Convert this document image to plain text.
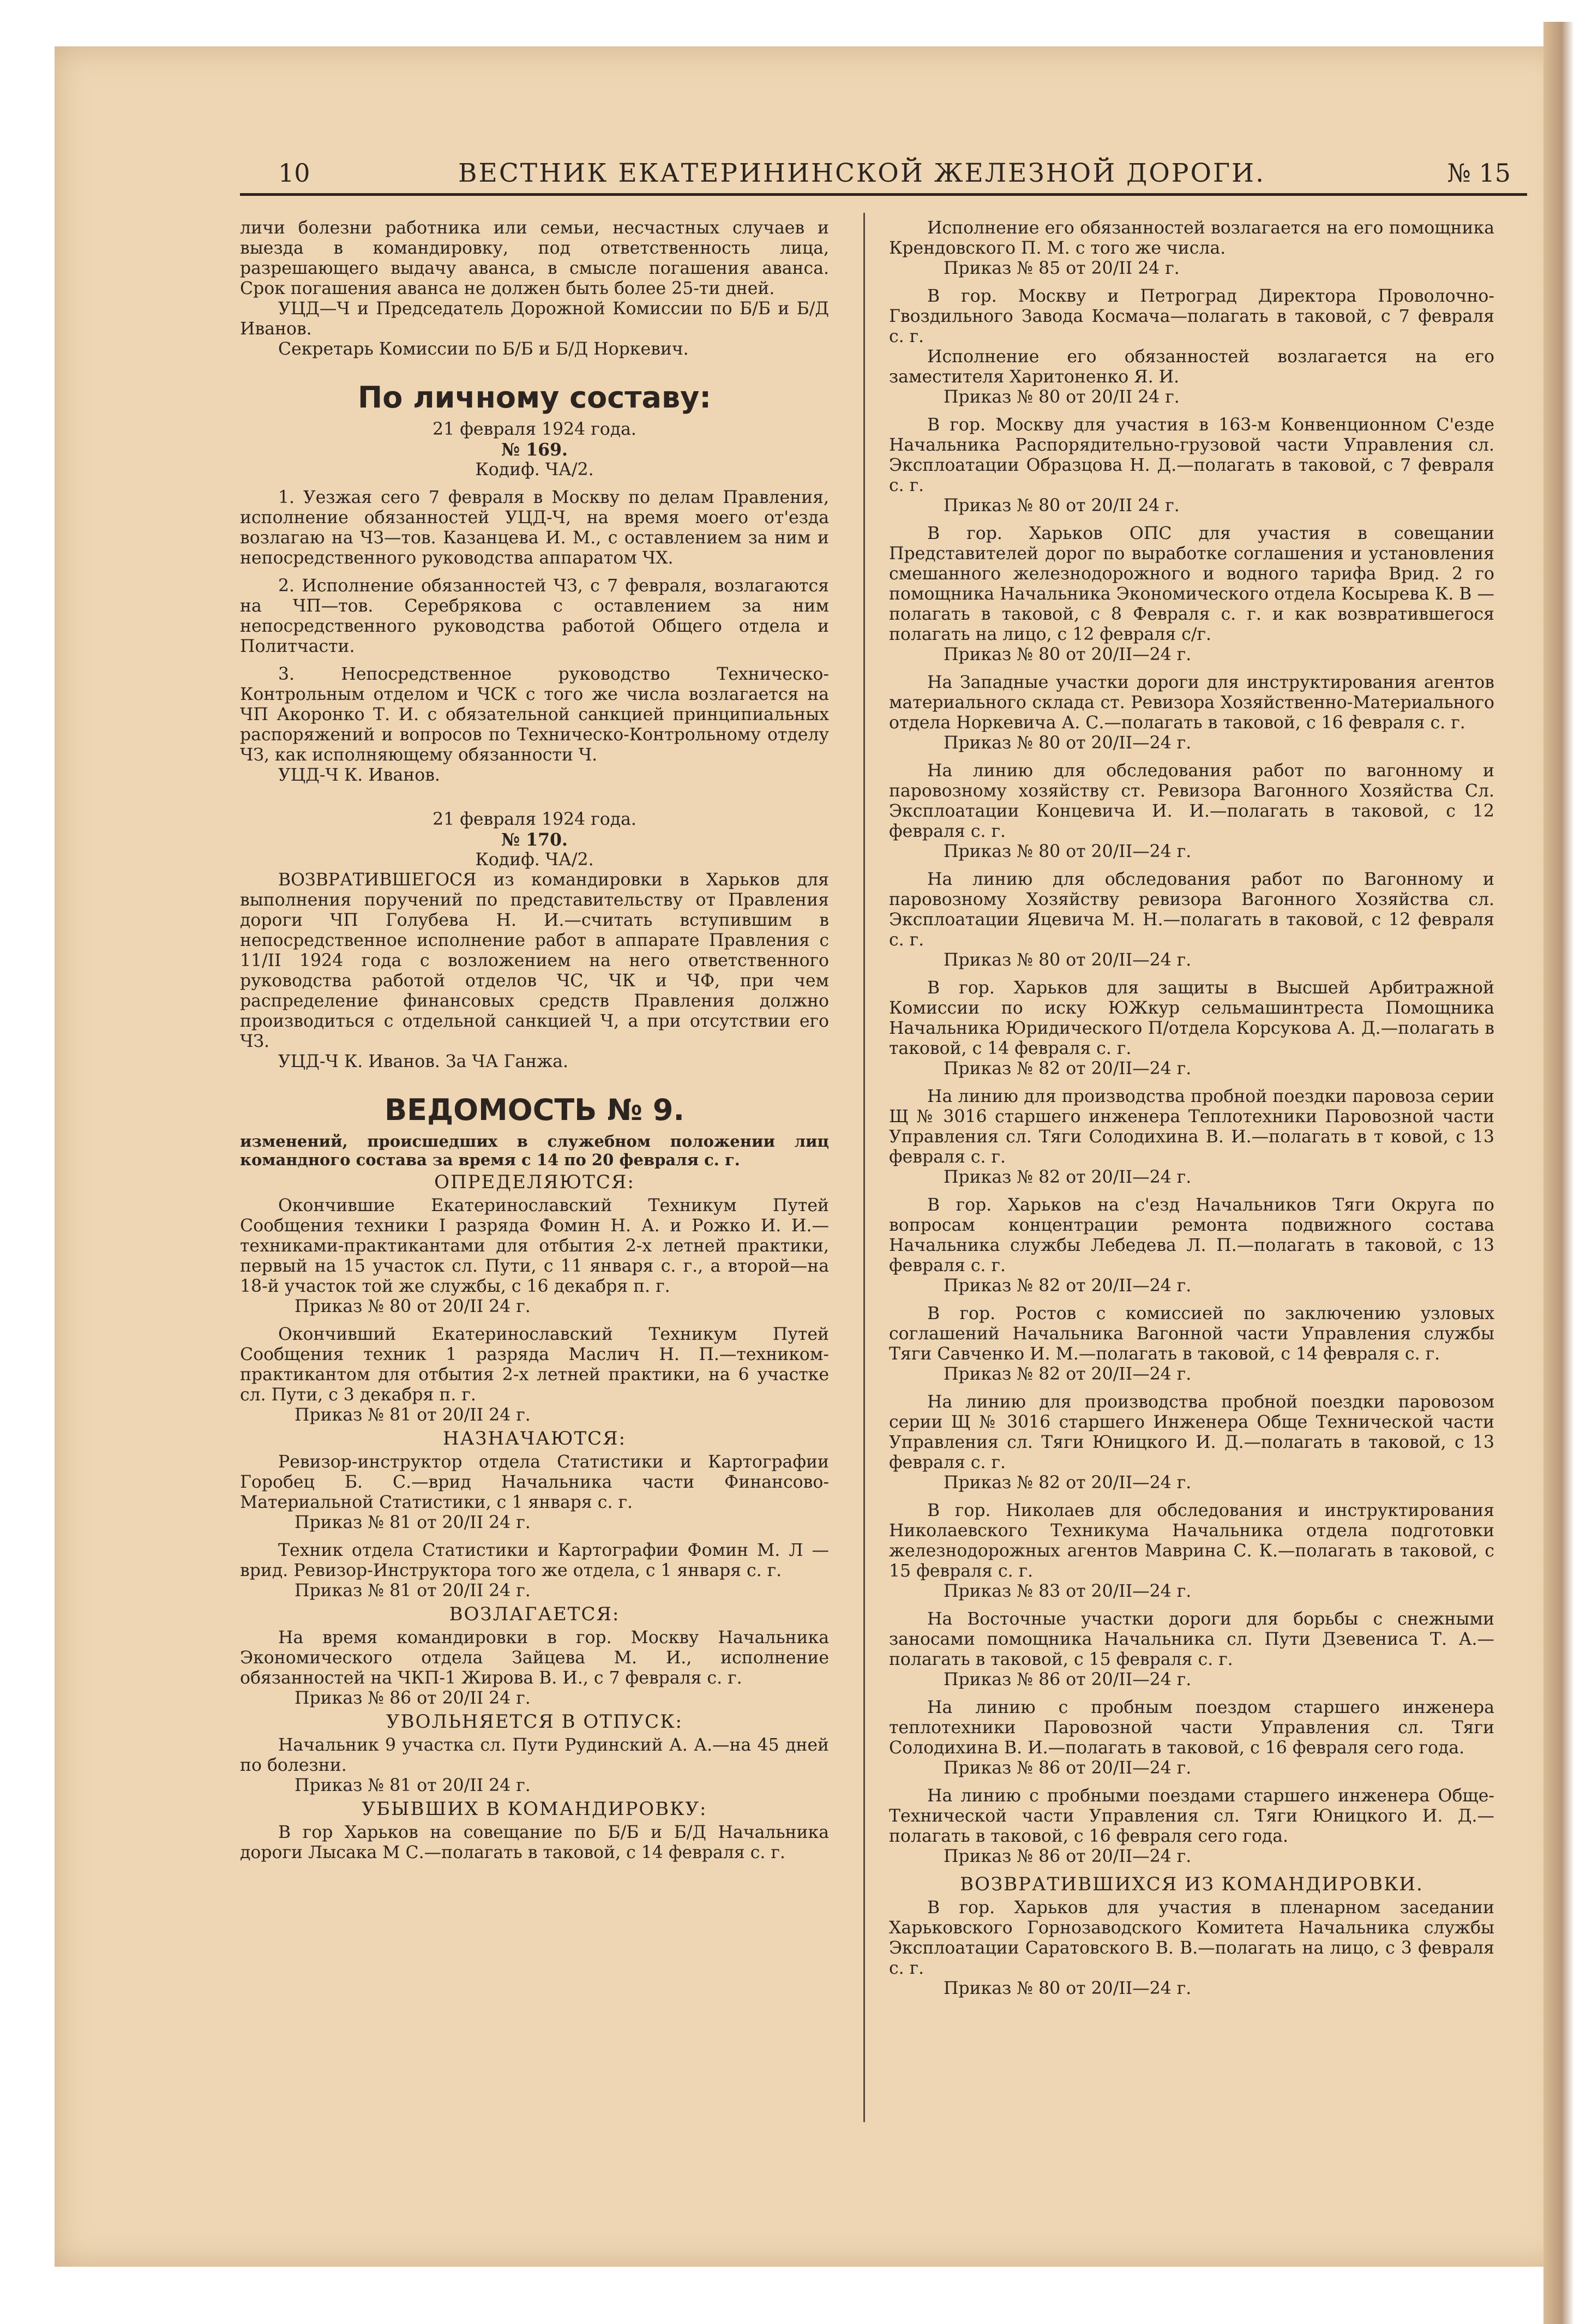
10	ВЕСТНИК ЕКАТЕРИНИНСКОЙ ЖЕЛЕЗНОЙ ДОРОГИ.	№ 15

личи болезни работника или семьи, несчастных случаев и выезда в командировку, под ответственность лица, разрешающего выдачу аванса, в смысле погашения аванса. Срок погашения аванса не должен быть более 25-ти дней.

УЦД—Ч и Председатель Дорожной Комиссии по Б/Б и Б/Д Иванов.

Секретарь Комиссии по Б/Б и Б/Д Норкевич.

По личному составу:

21 февраля 1924 года.

№ 169.

Кодиф. ЧА/2.

1. Уезжая сего 7 февраля в Москву по делам Правления, исполнение обязанностей УЦД-Ч, на время моего от'езда возлагаю на ЧЗ—тов. Казанцева И. М., с оставлением за ним и непосредственного руководства аппаратом ЧХ.

2. Исполнение обязанностей ЧЗ, с 7 февраля, возлагаются на ЧП—тов. Серебрякова с оставлением за ним непосредственного руководства работой Общего отдела и Политчасти.

3. Непосредственное руководство Техническо-Контрольным отделом и ЧСК с того же числа возлагается на ЧП Акоронко Т. И. с обязательной санкцией принципиальных распоряжений и вопросов по Техническо-Контрольному отделу ЧЗ, как исполняющему обязанности Ч.

УЦД-Ч К. Иванов.

21 февраля 1924 года.

№ 170.

Кодиф. ЧА/2.

ВОЗВРАТИВШЕГОСЯ из командировки в Харьков для выполнения поручений по представительству от Правления дороги ЧП Голубева Н. И.—считать вступившим в непосредственное исполнение работ в аппарате Правления с 11/II 1924 года с возложением на него ответственного руководства работой отделов ЧС, ЧК и ЧФ, при чем распределение финансовых средств Правления должно производиться с отдельной санкцией Ч, а при отсутствии его ЧЗ.

УЦД-Ч К. Иванов. За ЧА Ганжа.

ВЕДОМОСТЬ № 9.

изменений, происшедших в служебном положении лиц командного состава за время с 14 по 20 февраля с. г.

ОПРЕДЕЛЯЮТСЯ:

Окончившие Екатеринославский Техникум Путей Сообщения техники I разряда Фомин Н. А. и Рожко И. И.—техниками-практикантами для отбытия 2-х летней практики, первый на 15 участок сл. Пути, с 11 января с. г., а второй—на 18-й участок той же службы, с 16 декабря п. г.

Приказ № 80 от 20/II 24 г.

Окончивший Екатеринославский Техникум Путей Сообщения техник 1 разряда Маслич Н. П.—техником-практикантом для отбытия 2-х летней практики, на 6 участке сл. Пути, с 3 декабря п. г.

Приказ № 81 от 20/II 24 г.

НАЗНАЧАЮТСЯ:

Ревизор-инструктор отдела Статистики и Картографии Горобец Б. С.—врид Начальника части Финансово-Материальной Статистики, с 1 января с. г.

Приказ № 81 от 20/II 24 г.

Техник отдела Статистики и Картографии Фомин М. Л — врид. Ревизор-Инструктора того же отдела, с 1 января с. г.

Приказ № 81 от 20/II 24 г.

ВОЗЛАГАЕТСЯ:

На время командировки в гор. Москву Начальника Экономического отдела Зайцева М. И., исполнение обязанностей на ЧКП-1 Жирова В. И., с 7 февраля с. г.

Приказ № 86 от 20/II 24 г.

УВОЛЬНЯЕТСЯ В ОТПУСК:

Начальник 9 участка сл. Пути Рудинский А. А.—на 45 дней по болезни.

Приказ № 81 от 20/II 24 г.

УБЫВШИХ В КОМАНДИРОВКУ:

В гор Харьков на совещание по Б/Б и Б/Д Начальника дороги Лысака М С.—полагать в таковой, с 14 февраля с. г.

Исполнение его обязанностей возлагается на его помощника Крендовского П. М. с того же числа.

Приказ № 85 от 20/II 24 г.

В гор. Москву и Петроград Директора Проволочно-Гвоздильного Завода Космача—полагать в таковой, с 7 февраля с. г.

Исполнение его обязанностей возлагается на его заместителя Харитоненко Я. И.

Приказ № 80 от 20/II 24 г.

В гор. Москву для участия в 163-м Конвенционном С'езде Начальника Распорядительно-грузовой части Управления сл. Эксплоатации Образцова Н. Д.—полагать в таковой, с 7 февраля с. г.

Приказ № 80 от 20/II 24 г.

В гор. Харьков ОПС для участия в совещании Представителей дорог по выработке соглашения и установления смешанного железнодорожного и водного тарифа Врид. 2 го помощника Начальника Экономического отдела Косырева К. В —полагать в таковой, с 8 Февраля с. г. и как возвратившегося полагать на лицо, с 12 февраля с/г.

Приказ № 80 от 20/II—24 г.

На Западные участки дороги для инструктирования агентов материального склада ст. Ревизора Хозяйственно-Материального отдела Норкевича А. С.—полагать в таковой, с 16 февраля с. г.

Приказ № 80 от 20/II—24 г.

На линию для обследования работ по вагонному и паровозному хозяйству ст. Ревизора Вагонного Хозяйства Сл. Эксплоатации Концевича И. И.—полагать в таковой, с 12 февраля с. г.

Приказ № 80 от 20/II—24 г.

На линию для обследования работ по Вагонному и паровозному Хозяйству ревизора Вагонного Хозяйства сл. Эксплоатации Яцевича М. Н.—полагать в таковой, с 12 февраля с. г.

Приказ № 80 от 20/II—24 г.

В гор. Харьков для защиты в Высшей Арбитражной Комиссии по иску ЮЖкур сельмашинтреста Помощника Начальника Юридического П/отдела Корсукова А. Д.—полагать в таковой, с 14 февраля с. г.

Приказ № 82 от 20/II—24 г.

На линию для производства пробной поездки паровоза серии Щ № 3016 старшего инженера Теплотехники Паровозной части Управления сл. Тяги Солодихина В. И.—полагать в т ковой, с 13 февраля с. г.

Приказ № 82 от 20/II—24 г.

В гор. Харьков на с'езд Начальников Тяги Округа по вопросам концентрации ремонта подвижного состава Начальника службы Лебедева Л. П.—полагать в таковой, с 13 февраля с. г.

Приказ № 82 от 20/II—24 г.

В гор. Ростов с комиссией по заключению узловых соглашений Начальника Вагонной части Управления службы Тяги Савченко И. М.—полагать в таковой, с 14 февраля с. г.

Приказ № 82 от 20/II—24 г.

На линию для производства пробной поездки паровозом серии Щ № 3016 старшего Инженера Обще Технической части Управления сл. Тяги Юницкого И. Д.—полагать в таковой, с 13 февраля с. г.

Приказ № 82 от 20/II—24 г.

В гор. Николаев для обследования и инструктирования Николаевского Техникума Начальника отдела подготовки железнодорожных агентов Маврина С. К.—полагать в таковой, с 15 февраля с. г.

Приказ № 83 от 20/II—24 г.

На Восточные участки дороги для борьбы с снежными заносами помощника Начальника сл. Пути Дзевениса Т. А.—полагать в таковой, с 15 февраля с. г.

Приказ № 86 от 20/II—24 г.

На линию с пробным поездом старшего инженера теплотехники Паровозной части Управления сл. Тяги Солодихина В. И.—полагать в таковой, с 16 февраля сего года.

Приказ № 86 от 20/II—24 г.

На линию с пробными поездами старшего инженера Обще-Технической части Управления сл. Тяги Юницкого И. Д.—полагать в таковой, с 16 февраля сего года.

Приказ № 86 от 20/II—24 г.

ВОЗВРАТИВШИХСЯ ИЗ КОМАНДИРОВКИ.

В гор. Харьков для участия в пленарном заседании Харьковского Горнозаводского Комитета Начальника службы Эксплоатации Саратовского В. В.—полагать на лицо, с 3 февраля с. г.

Приказ № 80 от 20/II—24 г.
